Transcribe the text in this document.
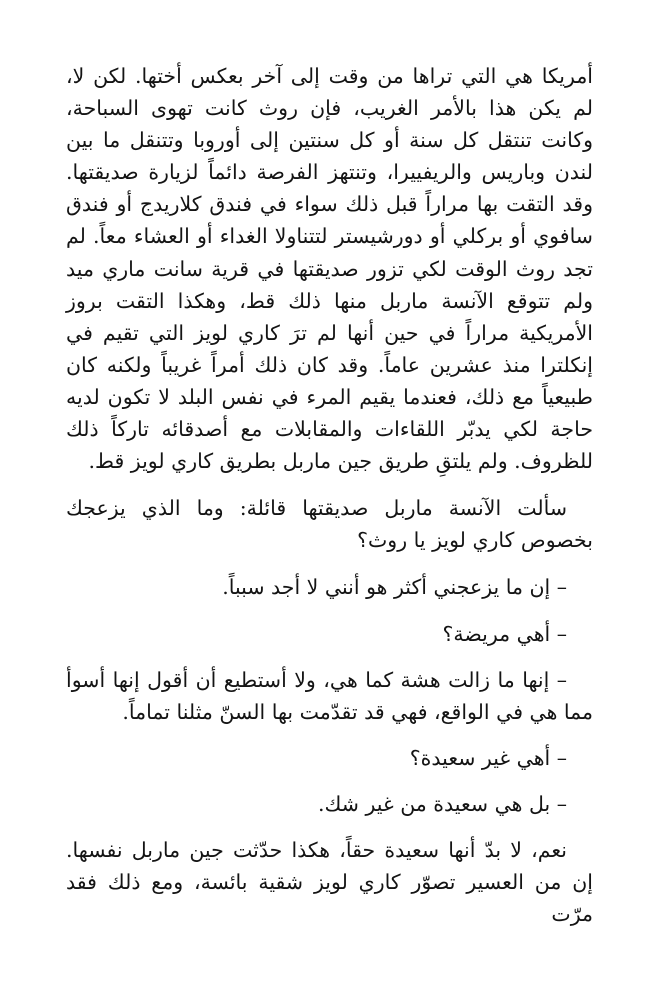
أمريكا هي التي تراها من وقت إلى آخر بعكس أختها. لكن لا، لم يكن هذا بالأمر الغريب، فإن روث كانت تهوى السباحة، وكانت تنتقل كل سنة أو كل سنتين إلى أوروبا وتتنقل ما بين لندن وباريس والريفييرا، وتنتهز الفرصة دائماً لزيارة صديقتها. وقد التقت بها مراراً قبل ذلك سواء في فندق كلاريدج أو فندق سافوي أو بركلي أو دورشيستر لتتناولا الغداء أو العشاء معاً. لم تجد روث الوقت لكي تزور صديقتها في قرية سانت ماري ميد ولم تتوقع الآنسة ماربل منها ذلك قط، وهكذا التقت بروز الأمريكية مراراً في حين أنها لم ترَ كاري لويز التي تقيم في إنكلترا منذ عشرين عاماً. وقد كان ذلك أمراً غريباً ولكنه كان طبيعياً مع ذلك، فعندما يقيم المرء في نفس البلد لا تكون لديه حاجة لكي يدبّر اللقاءات والمقابلات مع أصدقائه تاركاً ذلك للظروف. ولم يلتقِ طريق جين ماربل بطريق كاري لويز قط.

سألت الآنسة ماربل صديقتها قائلة: وما الذي يزعجك بخصوص كاري لويز يا روث؟

– إن ما يزعجني أكثر هو أنني لا أجد سبباً.

– أهي مريضة؟

– إنها ما زالت هشة كما هي، ولا أستطيع أن أقول إنها أسوأ مما هي في الواقع، فهي قد تقدّمت بها السنّ مثلنا تماماً.

– أهي غير سعيدة؟

– بل هي سعيدة من غير شك.

نعم، لا بدّ أنها سعيدة حقاً، هكذا حدّثت جين ماربل نفسها. إن من العسير تصوّر كاري لويز شقية بائسة، ومع ذلك فقد مرّت
